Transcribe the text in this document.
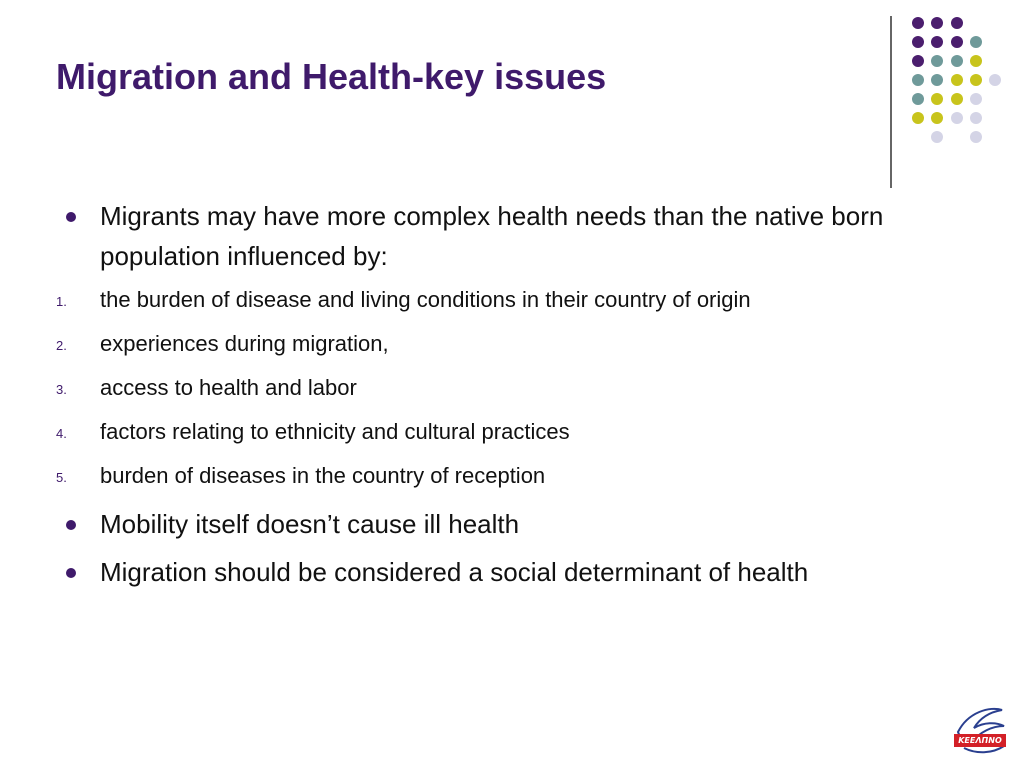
Migration and Health-key issues
Migrants may have more complex health needs than the native born population influenced by:
1. the burden of disease and living conditions in their country of origin
2. experiences during migration,
3. access to health and labor
4. factors relating to ethnicity and cultural practices
5. burden of diseases in the country of reception
Mobility itself doesn’t cause ill health
Migration should be considered a social determinant of health
ΚΕΕΛΠΝΟ
